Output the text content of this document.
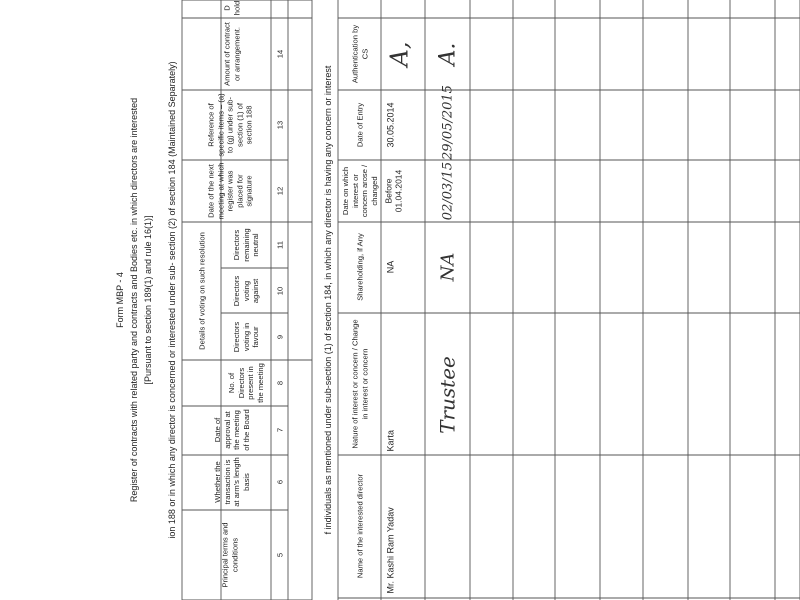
Form MBP - 4 Register of contracts with related party and contracts and Bodies etc. in which directors are interested [Pursuant to section 189(1) and rule 16(1)] ion 188 or in which any director is concerned or interested under sub- section (2) of section 184 (Maintained Separately)	f individuals as mentioned under sub-section (1) of section 184, in which any director is having any concern or interest
Principal terms and conditions
Whether the transaction is at arm's length basis
Date of approval at the meeting of the Board
Details of voting on such resolution
No. of Directors present in the meeting
Directors voting in favour
Directors voting against
Directors remaining neutral
Date of the next meeting at which register was placed for signature
Reference of specific items – (a) to (g) under sub-section (1) of section 188
Amount of contract or arrangement.
D hold
5
6
7
8
9
10
11
12
13
14
Name of the interested director
Nature of interest or concern / Change in interest or concern
Shareholding, if Any
Date on which interest or concern arose / changed
Date of Entry
Authentication by CS
Mr. Kashi Ram Yadav
Karta
NA
Before 01.04.2014
30.05.2014
A,
Trustee
NA
02/03/15
29/05/2015
A.
